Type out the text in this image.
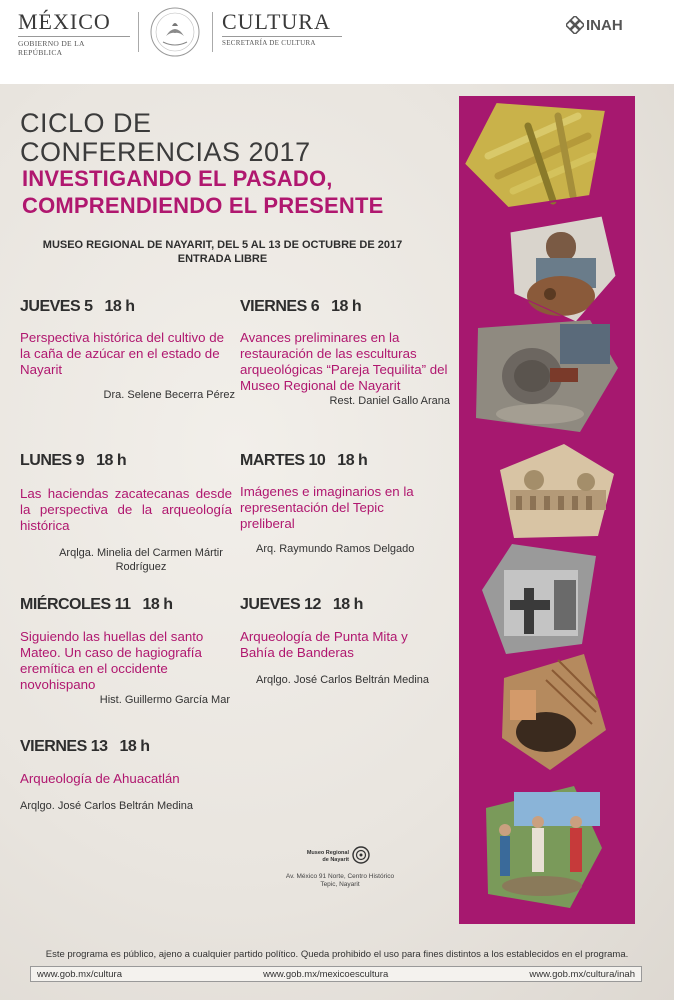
MÉXICO
GOBIERNO DE LA REPÚBLICA
CULTURA
SECRETARÍA DE CULTURA
INAH
CICLO DE
CONFERENCIAS 2017
INVESTIGANDO EL PASADO,
COMPRENDIENDO EL PRESENTE
MUSEO REGIONAL DE NAYARIT, DEL 5 AL 13 DE OCTUBRE DE 2017
ENTRADA LIBRE
JUEVES 5 18 h
Perspectiva histórica del cultivo de la caña de azúcar en el estado de Nayarit
Dra. Selene Becerra Pérez
VIERNES 6 18 h
Avances preliminares en la restauración de las esculturas arqueológicas “Pareja Tequilita” del Museo Regional de Nayarit
Rest. Daniel Gallo Arana
LUNES 9 18 h
Las haciendas zacatecanas desde la perspectiva de la arqueología histórica
Arqlga. Minelia del Carmen Mártir Rodríguez
MARTES 10 18 h
Imágenes e imaginarios en la representación del Tepic preliberal
Arq. Raymundo Ramos Delgado
MIÉRCOLES 11 18 h
Siguiendo las huellas del santo Mateo. Un caso de hagiografía eremítica en el occidente novohispano
Hist. Guillermo García Mar
JUEVES 12 18 h
Arqueología de Punta Mita y Bahía de Banderas
Arqlgo. José Carlos Beltrán Medina
VIERNES 13 18 h
Arqueología de Ahuacatlán
Arqlgo. José Carlos Beltrán Medina
Museo Regional de Nayarit
Av. México 91 Norte, Centro Histórico
Tepic, Nayarit
Este programa es público, ajeno a cualquier partido político. Queda prohibido el uso para fines distintos a los establecidos en el programa.
www.gob.mx/cultura	www.gob.mx/mexicoescultura	www.gob.mx/cultura/inah
